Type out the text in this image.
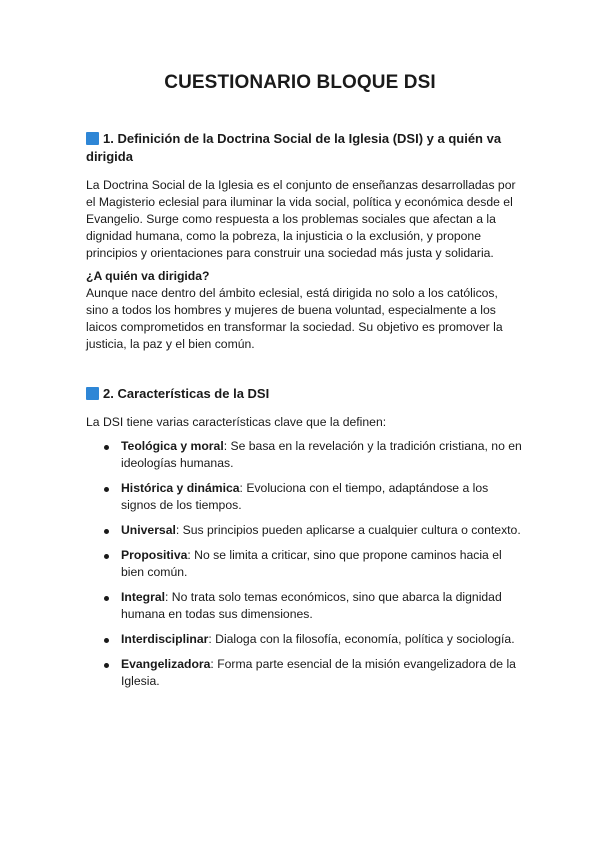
CUESTIONARIO BLOQUE DSI
1. Definición de la Doctrina Social de la Iglesia (DSI) y a quién va dirigida
La Doctrina Social de la Iglesia es el conjunto de enseñanzas desarrolladas por el Magisterio eclesial para iluminar la vida social, política y económica desde el Evangelio. Surge como respuesta a los problemas sociales que afectan a la dignidad humana, como la pobreza, la injusticia o la exclusión, y propone principios y orientaciones para construir una sociedad más justa y solidaria.
¿A quién va dirigida?
Aunque nace dentro del ámbito eclesial, está dirigida no solo a los católicos, sino a todos los hombres y mujeres de buena voluntad, especialmente a los laicos comprometidos en transformar la sociedad. Su objetivo es promover la justicia, la paz y el bien común.
2. Características de la DSI
La DSI tiene varias características clave que la definen:
Teológica y moral: Se basa en la revelación y la tradición cristiana, no en ideologías humanas.
Histórica y dinámica: Evoluciona con el tiempo, adaptándose a los signos de los tiempos.
Universal: Sus principios pueden aplicarse a cualquier cultura o contexto.
Propositiva: No se limita a criticar, sino que propone caminos hacia el bien común.
Integral: No trata solo temas económicos, sino que abarca la dignidad humana en todas sus dimensiones.
Interdisciplinar: Dialoga con la filosofía, economía, política y sociología.
Evangelizadora: Forma parte esencial de la misión evangelizadora de la Iglesia.
